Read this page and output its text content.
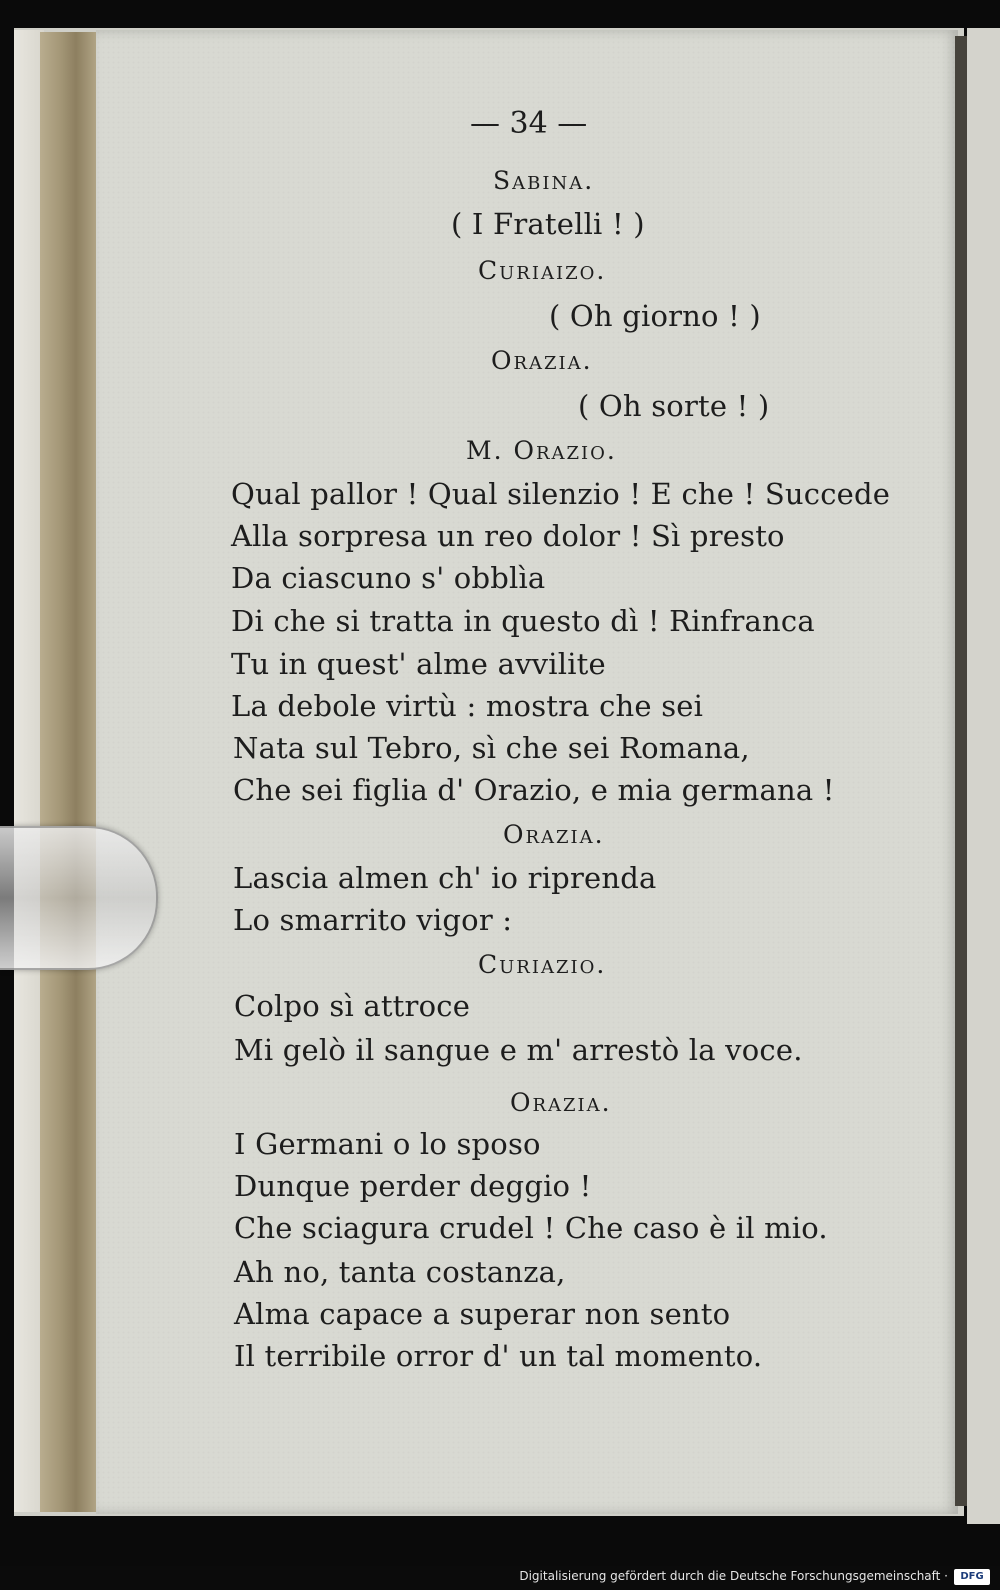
— 34 —
Sabina.
( I Fratelli ! )
Curiaizo.
( Oh giorno ! )
Orazia.
( Oh sorte ! )
M. Orazio.
Qual pallor ! Qual silenzio ! E che ! Succede
Alla sorpresa un reo dolor ! Sì presto
Da ciascuno s' obblìa
Di che si tratta in questo dì ! Rinfranca
Tu in quest' alme avvilite
La debole virtù : mostra che sei
Nata sul Tebro, sì che sei Romana,
Che sei figlia d' Orazio, e mia germana !
Orazia.
Lascia almen ch' io riprenda
Lo smarrito vigor :
Curiazio.
Colpo sì attroce
Mi gelò il sangue e m' arrestò la voce.
Orazia.
I Germani o lo sposo
Dunque perder deggio !
Che sciagura crudel ! Che caso è il mio.
Ah no, tanta costanza,
Alma capace a superar non sento
Il terribile orror d' un tal momento.
Digitalisierung gefördert durch die Deutsche Forschungsgemeinschaft ·	DFG
